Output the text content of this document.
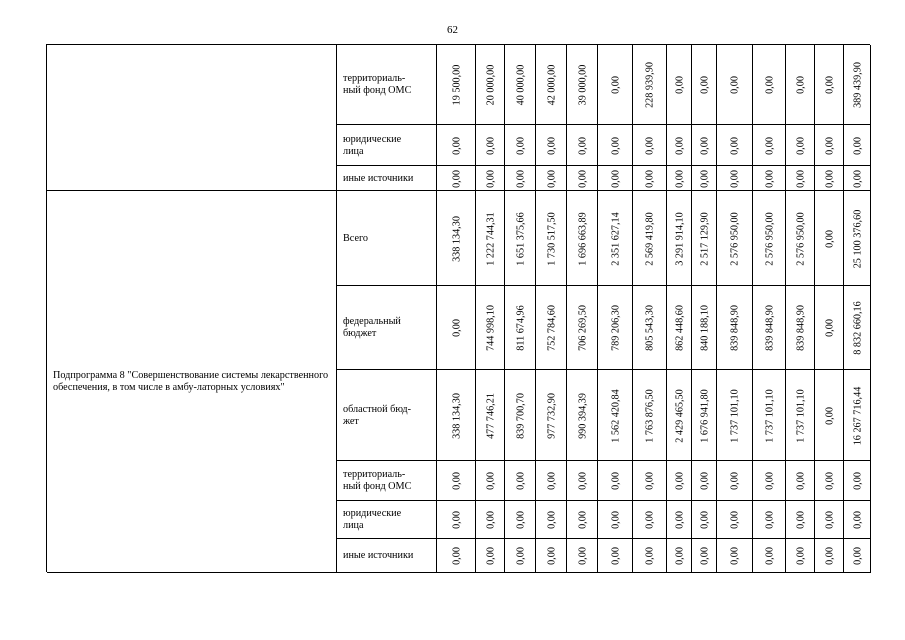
62
территориаль-
ный фонд ОМС	19 500,00 20 000,00 40 000,00 42 000,00 39 000,00 0,00 228 939,90 0,00 0,00 0,00 0,00 0,00 0,00 389 439,90
юридические
лица	0,00 0,00 0,00 0,00 0,00 0,00 0,00 0,00 0,00 0,00 0,00 0,00 0,00 0,00
иные источники	0,00 0,00 0,00 0,00 0,00 0,00 0,00 0,00 0,00 0,00 0,00 0,00 0,00 0,00
Подпрограмма 8 "Совершенствование системы лекарственного обеспечения, в том числе в амбу-латорных условиях"
Всего	338 134,30 1 222 744,31 1 651 375,66 1 730 517,50 1 696 663,89 2 351 627,14 2 569 419,80 3 291 914,10 2 517 129,90 2 576 950,00 2 576 950,00 2 576 950,00 0,00 25 100 376,60
федеральный
бюджет	0,00 744 998,10 811 674,96 752 784,60 706 269,50 789 206,30 805 543,30 862 448,60 840 188,10 839 848,90 839 848,90 839 848,90 0,00 8 832 660,16
областной бюд-
жет	338 134,30 477 746,21 839 700,70 977 732,90 990 394,39 1 562 420,84 1 763 876,50 2 429 465,50 1 676 941,80 1 737 101,10 1 737 101,10 1 737 101,10 0,00 16 267 716,44
территориаль-
ный фонд ОМС	0,00 0,00 0,00 0,00 0,00 0,00 0,00 0,00 0,00 0,00 0,00 0,00 0,00 0,00
юридические
лица	0,00 0,00 0,00 0,00 0,00 0,00 0,00 0,00 0,00 0,00 0,00 0,00 0,00 0,00
иные источники	0,00 0,00 0,00 0,00 0,00 0,00 0,00 0,00 0,00 0,00 0,00 0,00 0,00 0,00
